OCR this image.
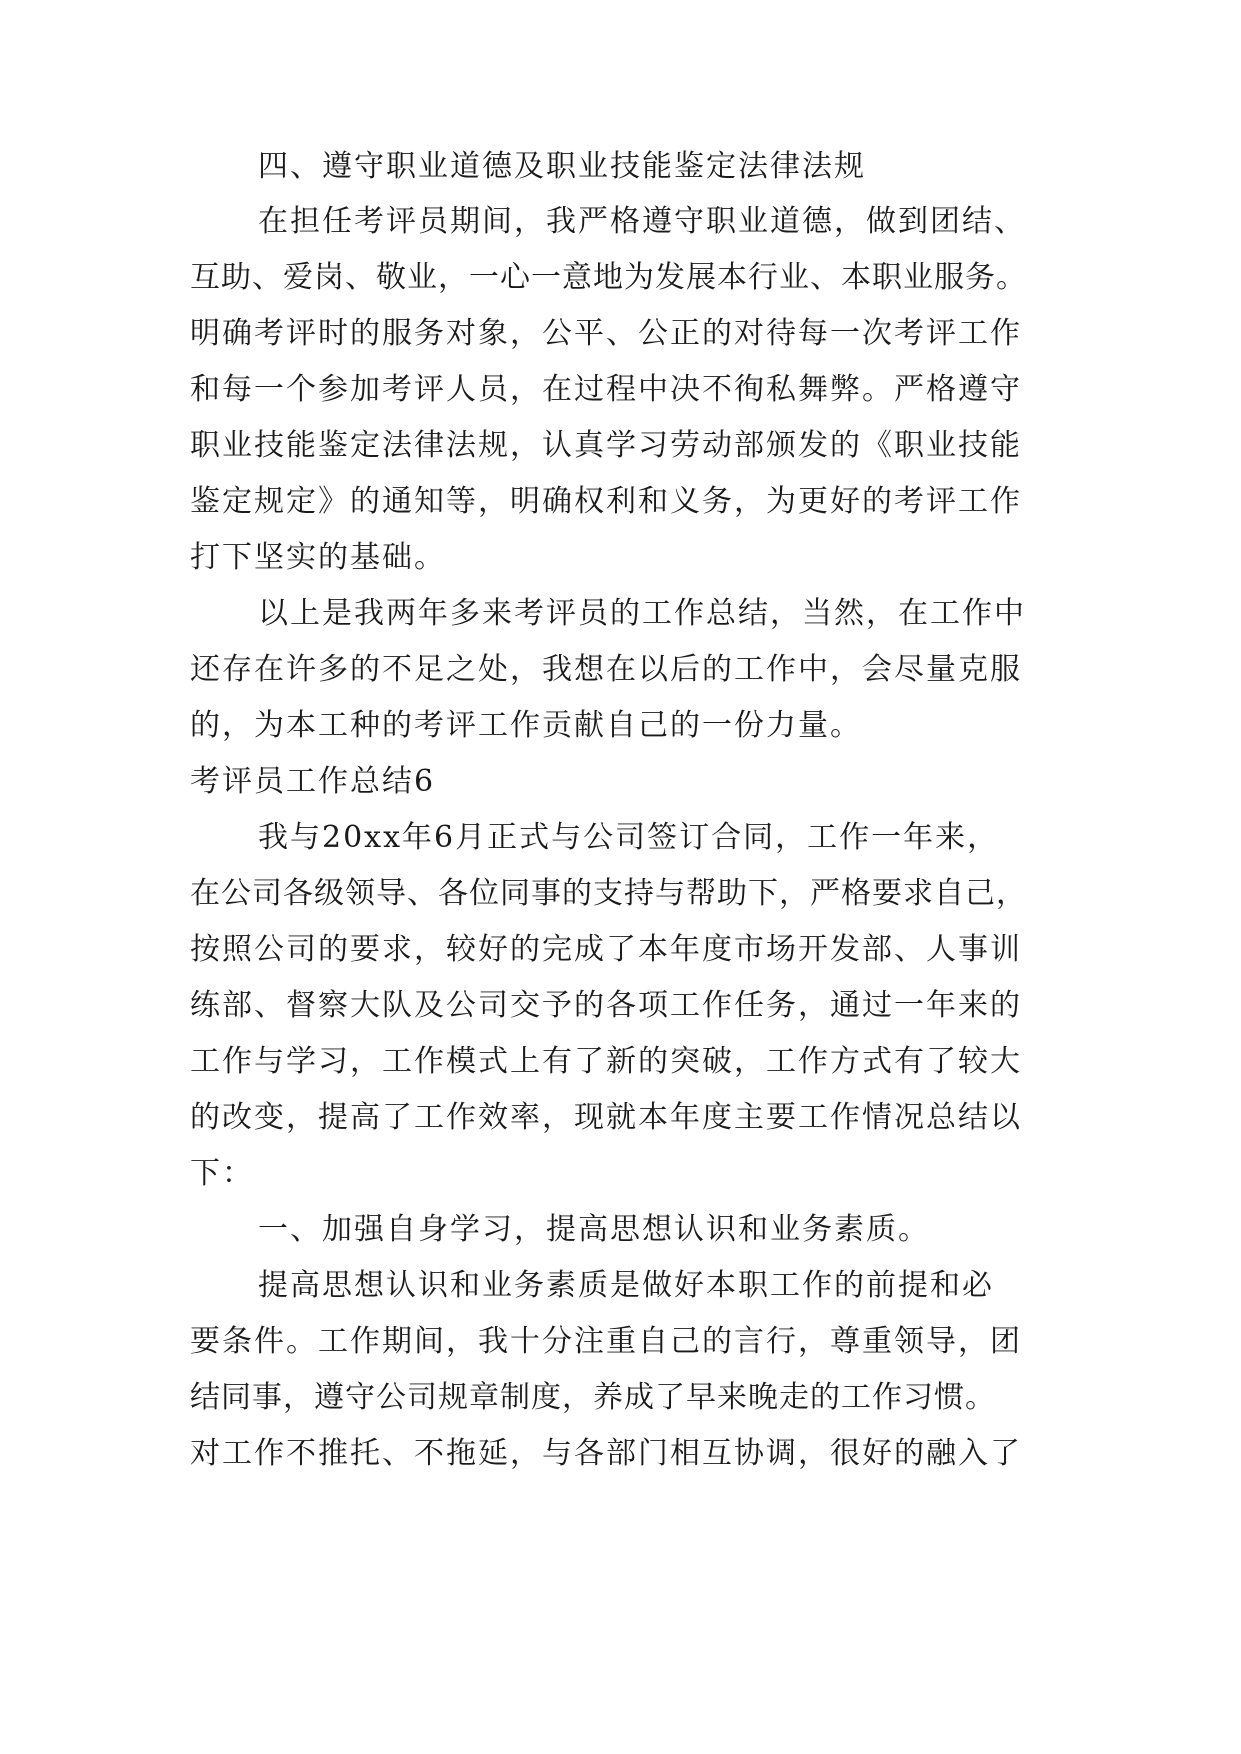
四、遵守职业道德及职业技能鉴定法律法规
在担任考评员期间，我严格遵守职业道德，做到团结、
互助、爱岗、敬业，一心一意地为发展本行业、本职业服务。
明确考评时的服务对象，公平、公正的对待每一次考评工作
和每一个参加考评人员，在过程中决不徇私舞弊。严格遵守
职业技能鉴定法律法规，认真学习劳动部颁发的《职业技能
鉴定规定》的通知等，明确权利和义务，为更好的考评工作
打下坚实的基础。
以上是我两年多来考评员的工作总结，当然，在工作中
还存在许多的不足之处，我想在以后的工作中，会尽量克服
的，为本工种的考评工作贡献自己的一份力量。
考评员工作总结6
我与20xx年6月正式与公司签订合同，工作一年来，
在公司各级领导、各位同事的支持与帮助下，严格要求自己，
按照公司的要求，较好的完成了本年度市场开发部、人事训
练部、督察大队及公司交予的各项工作任务，通过一年来的
工作与学习，工作模式上有了新的突破，工作方式有了较大
的改变，提高了工作效率，现就本年度主要工作情况总结以
下：
一、加强自身学习，提高思想认识和业务素质。
提高思想认识和业务素质是做好本职工作的前提和必
要条件。工作期间，我十分注重自己的言行，尊重领导，团
结同事，遵守公司规章制度，养成了早来晚走的工作习惯。
对工作不推托、不拖延，与各部门相互协调，很好的融入了
